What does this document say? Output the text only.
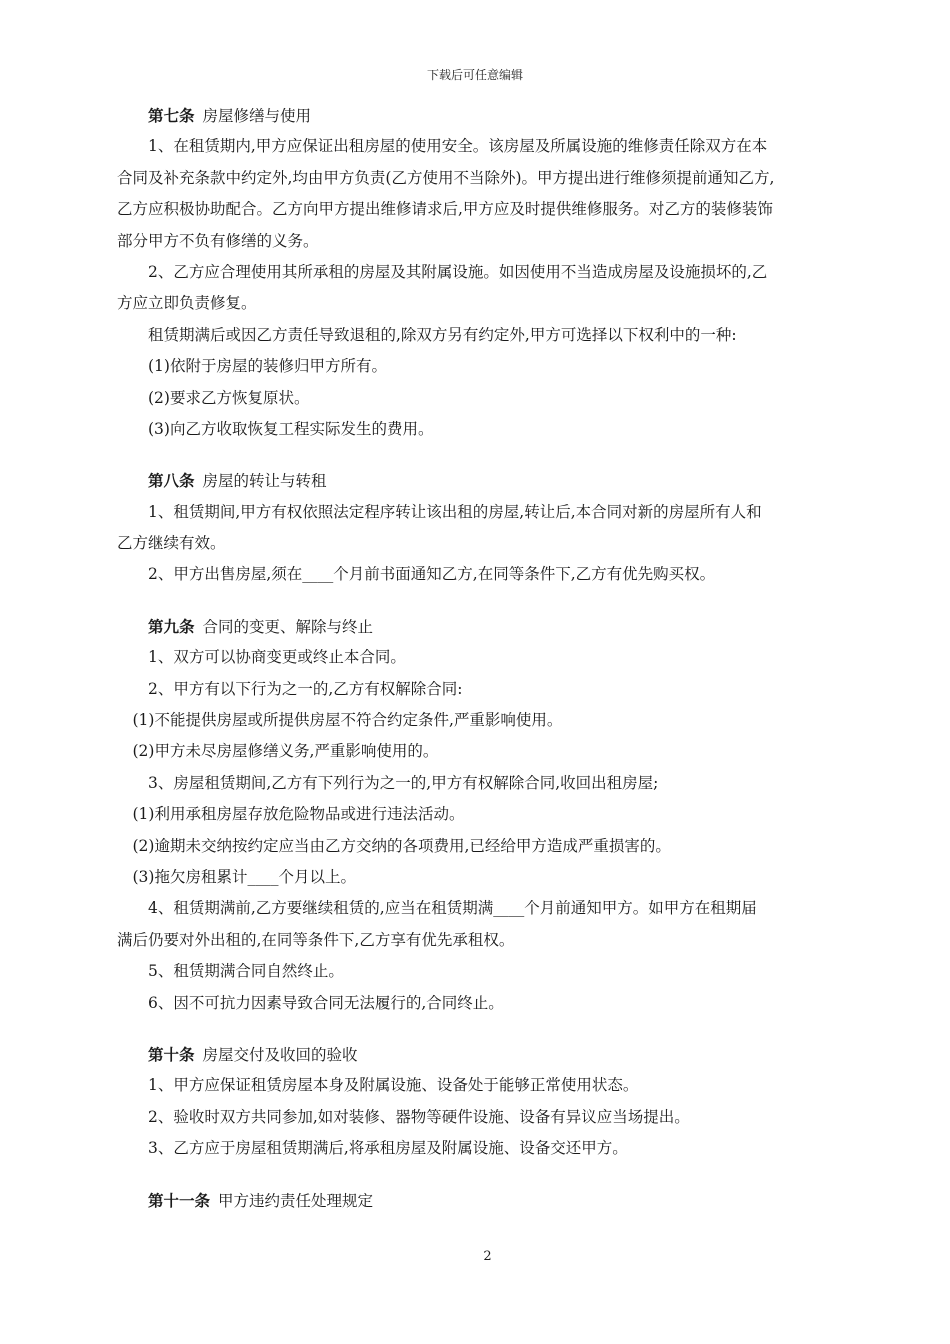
下载后可任意编辑
第七条 房屋修缮与使用
1、在租赁期内,甲方应保证出租房屋的使用安全。该房屋及所属设施的维修责任除双方在本
合同及补充条款中约定外,均由甲方负责(乙方使用不当除外)。甲方提出进行维修须提前通知乙方,
乙方应积极协助配合。乙方向甲方提出维修请求后,甲方应及时提供维修服务。对乙方的装修装饰
部分甲方不负有修缮的义务。
2、乙方应合理使用其所承租的房屋及其附属设施。如因使用不当造成房屋及设施损坏的,乙
方应立即负责修复。
租赁期满后或因乙方责任导致退租的,除双方另有约定外,甲方可选择以下权利中的一种:
(1)依附于房屋的装修归甲方所有。
(2)要求乙方恢复原状。
(3)向乙方收取恢复工程实际发生的费用。
第八条 房屋的转让与转租
1、租赁期间,甲方有权依照法定程序转让该出租的房屋,转让后,本合同对新的房屋所有人和
乙方继续有效。
2、甲方出售房屋,须在____个月前书面通知乙方,在同等条件下,乙方有优先购买权。
第九条 合同的变更、解除与终止
1、双方可以协商变更或终止本合同。
2、甲方有以下行为之一的,乙方有权解除合同:
(1)不能提供房屋或所提供房屋不符合约定条件,严重影响使用。
(2)甲方未尽房屋修缮义务,严重影响使用的。
3、房屋租赁期间,乙方有下列行为之一的,甲方有权解除合同,收回出租房屋;
(1)利用承租房屋存放危险物品或进行违法活动。
(2)逾期未交纳按约定应当由乙方交纳的各项费用,已经给甲方造成严重损害的。
(3)拖欠房租累计____个月以上。
4、租赁期满前,乙方要继续租赁的,应当在租赁期满____个月前通知甲方。如甲方在租期届
满后仍要对外出租的,在同等条件下,乙方享有优先承租权。
5、租赁期满合同自然终止。
6、因不可抗力因素导致合同无法履行的,合同终止。
第十条 房屋交付及收回的验收
1、甲方应保证租赁房屋本身及附属设施、设备处于能够正常使用状态。
2、验收时双方共同参加,如对装修、器物等硬件设施、设备有异议应当场提出。
3、乙方应于房屋租赁期满后,将承租房屋及附属设施、设备交还甲方。
第十一条 甲方违约责任处理规定
2
